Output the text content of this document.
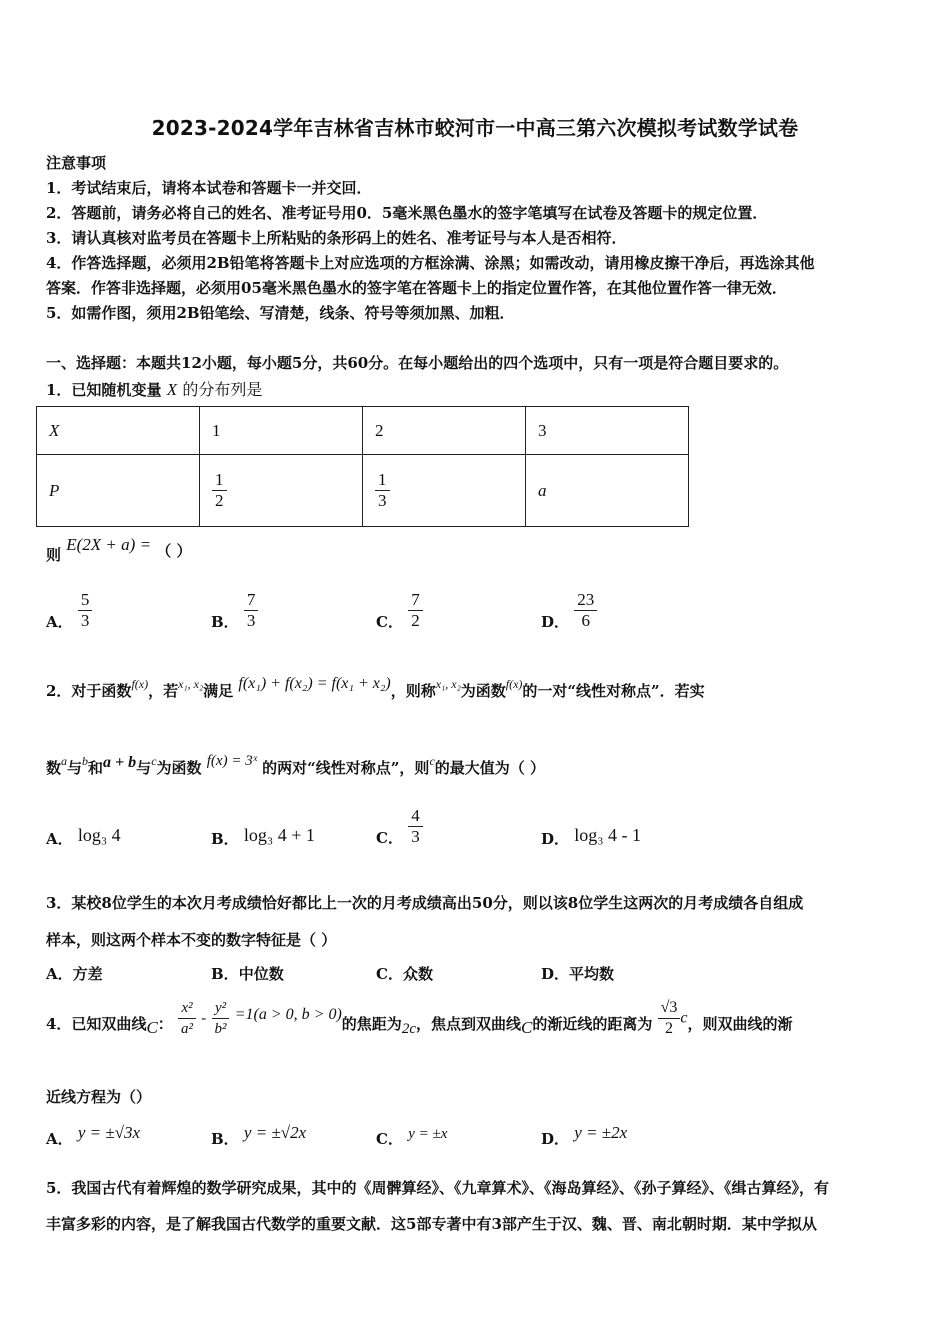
2023-2024学年吉林省吉林市蛟河市一中高三第六次模拟考试数学试卷
注意事项
1．考试结束后，请将本试卷和答题卡一并交回．
2．答题前，请务必将自己的姓名、准考证号用0．5毫米黑色墨水的签字笔填写在试卷及答题卡的规定位置．
3．请认真核对监考员在答题卡上所粘贴的条形码上的姓名、准考证号与本人是否相符．
4．作答选择题，必须用2B铅笔将答题卡上对应选项的方框涂满、涂黑；如需改动，请用橡皮擦干净后，再选涂其他
答案．作答非选择题，必须用05毫米黑色墨水的签字笔在答题卡上的指定位置作答，在其他位置作答一律无效．
5．如需作图，须用2B铅笔绘、写清楚，线条、符号等须加黑、加粗．
一、选择题：本题共12小题，每小题5分，共60分。在每小题给出的四个选项中，只有一项是符合题目要求的。
1．已知随机变量 X 的分布列是
X	1	2	3
P	$\frac{1}{2}$	$\frac{1}{3}$	a
则 E(2X + a) = （ ）
A． $\frac{5}{3}$	B． $\frac{7}{3}$	C． $\frac{7}{2}$	D． $\frac{23}{6}$
2．对于函数$^{f(x)}$，若$^{x_1, x_2}$满足 f(x₁) + f(x₂) = f(x₁ + x₂)，则称$^{x_1, x_2}$为函数$^{f(x)}$的一对“线性对称点”．若实
数$^a$与$^b$和a + b与$^c$为函数 f(x) = 3ˣ 的两对“线性对称点”，则$^c$的最大值为（ ）
A． log₃ 4	B． log₃ 4 + 1	C． $\frac{4}{3}$	D． log₃ 4 - 1
3．某校8位学生的本次月考成绩恰好都比上一次的月考成绩高出50分，则以该8位学生这两次的月考成绩各自组成
样本，则这两个样本不变的数字特征是（ ）
A．方差	B．中位数	C．众数	D．平均数
4．已知双曲线C： $\frac{\text{x²}}{\text{a²}} - \frac{\text{y²}}{\text{b²}} =1(a > 0$, b > 0)的焦距为2c，焦点到双曲线C的渐近线的距离为 $\frac{√3}{2}$ c，则双曲线的渐
近线方程为（）
A． y = ±√3x	B． y = ±√2x	C． y = ±x	D． y = ±2x
5．我国古代有着辉煌的数学研究成果，其中的《周髀算经》、《九章算术》、《海岛算经》、《孙子算经》、《缉古算经》，有
丰富多彩的内容，是了解我国古代数学的重要文献．这5部专著中有3部产生于汉、魏、晋、南北朝时期．某中学拟从
